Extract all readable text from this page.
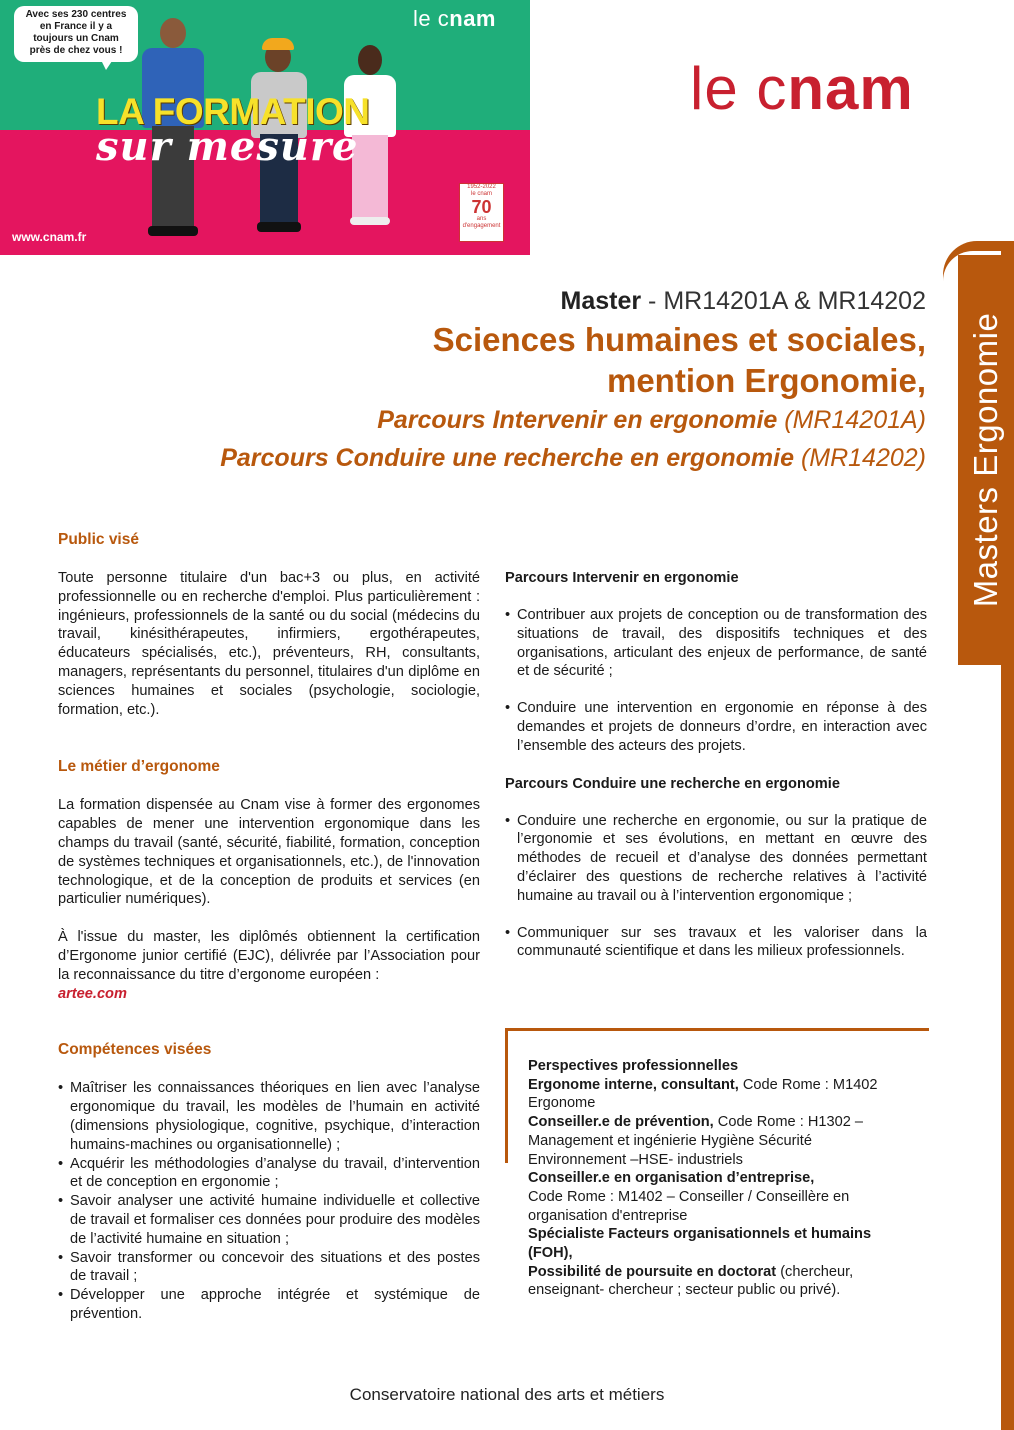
Avec ses 230 centres
en France il y a
toujours un Cnam
près de chez vous !
le cnam
LA FORMATION
sur mesure
www.cnam.fr
1952-2022
le cnam
70
ans
d'engagement
le cnam
Masters Ergonomie
Master - MR14201A & MR14202
Sciences humaines et sociales,
mention Ergonomie,
Parcours Intervenir en ergonomie (MR14201A)
Parcours Conduire une recherche en ergonomie (MR14202)
Public visé

Toute personne titulaire d'un bac+3 ou plus, en activité professionnelle ou en recherche d'emploi. Plus particulièrement : ingénieurs, professionnels de la santé ou du social (médecins du travail, kinésithérapeutes, infirmiers, ergothérapeutes, éducateurs spécialisés, etc.), préventeurs, RH, consultants, managers, représentants du personnel, titulaires d'un diplôme en sciences humaines et sociales (psychologie, sociologie, formation, etc.).

Le métier d’ergonome

La formation dispensée au Cnam vise à former des ergonomes capables de mener une intervention ergonomique dans les champs du travail (santé, sécurité, fiabilité, formation, conception de systèmes techniques et organisationnels, etc.), de l'innovation technologique, et de la conception de produits et services (en particulier numériques).

À l'issue du master, les diplômés obtiennent la certification d’Ergonome junior certifié (EJC), délivrée par l’Association pour la reconnaissance du titre d’ergonome européen :
artee.com

Compétences visées
• Maîtriser les connaissances théoriques en lien avec l’analyse ergonomique du travail, les modèles de l’humain en activité (dimensions physiologique, cognitive, psychique, d’interaction humains-machines ou organisationnelle) ;
• Acquérir les méthodologies d’analyse du travail, d’intervention et de conception en ergonomie ;
• Savoir analyser une activité humaine individuelle et collective de travail et formaliser ces données pour produire des modèles de l’activité humaine en situation ;
• Savoir transformer ou concevoir des situations et des postes de travail ;
• Développer une approche intégrée et systémique de prévention.
Parcours Intervenir en ergonomie
• Contribuer aux projets de conception ou de transformation des situations de travail, des dispositifs techniques et des organisations, articulant des enjeux de performance, de santé et de sécurité ;
• Conduire une intervention en ergonomie en réponse à des demandes et projets de donneurs d’ordre, en interaction avec l’ensemble des acteurs des projets.
Parcours Conduire une recherche en ergonomie
• Conduire une recherche en ergonomie, ou sur la pratique de l’ergonomie et ses évolutions, en mettant en œuvre des méthodes de recueil et d’analyse des données permettant d’éclairer des questions de recherche relatives à l’activité humaine au travail ou à l’intervention ergonomique ;
• Communiquer sur ses travaux et les valoriser dans la communauté scientifique et dans les milieux professionnels.

Perspectives professionnelles

Ergonome interne, consultant, Code Rome : M1402 Ergonome

Conseiller.e de prévention, Code Rome : H1302 – Management et ingénierie Hygiène Sécurité Environnement –HSE- industriels

Conseiller.e en organisation d’entreprise,
Code Rome : M1402 – Conseiller / Conseillère en organisation d'entreprise

Spécialiste Facteurs organisationnels et humains (FOH),

Possibilité de poursuite en doctorat (chercheur, enseignant- chercheur ; secteur public ou privé).

Conservatoire national des arts et métiers
